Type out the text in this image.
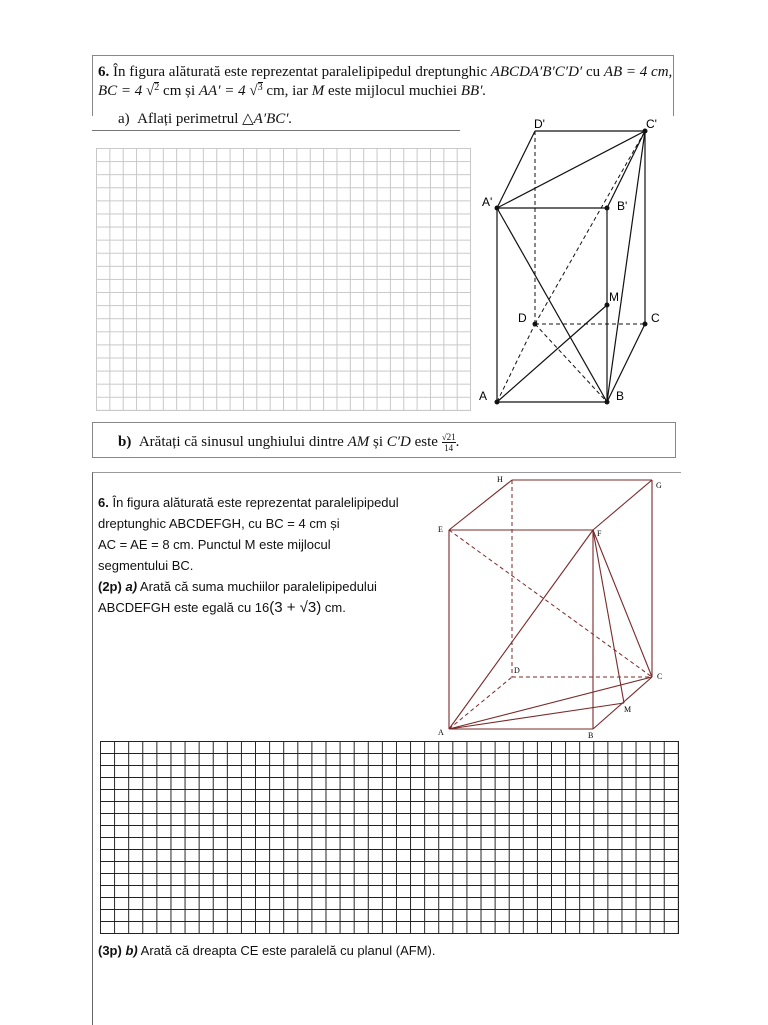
6. În figura alăturată este reprezentat paralelipipedul dreptunghic ABCDA′B′C′D′ cu AB = 4 cm,
BC = 4 √2 cm și AA′ = 4 √3 cm, iar M este mijlocul muchiei BB′.
a) Aflați perimetrul △A′BC′.	D'	C'
A'	B'
M
D	C
A	B
b) Arătați că sinusul unghiului dintre AM și C′D este $\frac{√21}{14}$ .
6. În figura alăturată este reprezentat paralelipipedul
dreptunghic ABCDEFGH, cu BC = 4 cm și
AC = AE = 8 cm. Punctul M este mijlocul
segmentului BC.
(2p) a) Arată că suma muchiilor paralelipipedului
ABCDEFGH este egală cu 16(3 + √3) cm.
H
G
E	F
D
C
A	B
M
(3p) b) Arată că dreapta CE este paralelă cu planul (AFM).
